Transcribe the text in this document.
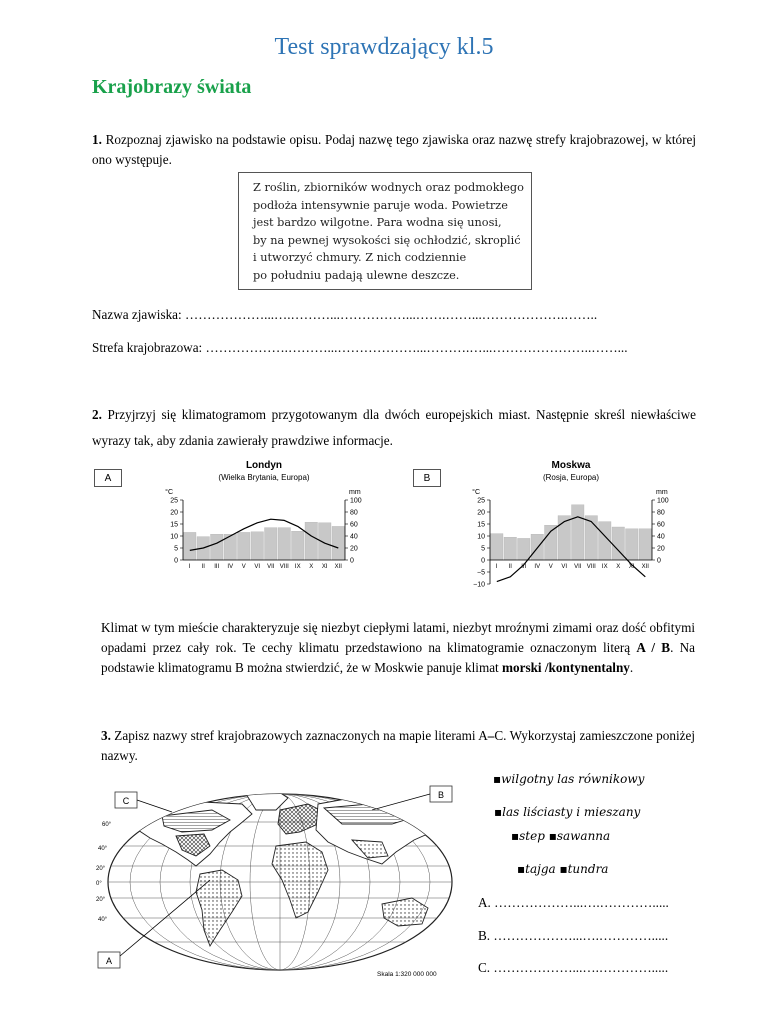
Test sprawdzający kl.5
Krajobrazy świata
1. Rozpoznaj zjawisko na podstawie opisu. Podaj nazwę tego zjawiska oraz nazwę strefy krajobrazowej, w której ono występuje.
Z roślin, zbiorników wodnych oraz podmokłego
podłoża intensywnie paruje woda. Powietrze
jest bardzo wilgotne. Para wodna się unosi,
by na pewnej wysokości się ochłodzić, skroplić
i utworzyć chmury. Z nich codziennie
po południu padają ulewne deszcze.
Nazwa zjawiska: ………………...….………...……………...…….……...……………….……..
Strefa krajobrazowa: ……………….………...………………...……….…...…………………..……...
2. Przyjrzyj się klimatogramom przygotowanym dla dwóch europejskich miast. Następnie skreśl niewłaściwe wyrazy tak, aby zdania zawierały prawdziwe informacje.
A	B
Londyn
(Wielka Brytania, Europa)
°C	mm
0
5
10
15
20
25
0
20
40
60
80
100
I II III IV V VI VII VIII IX X XI XII
Moskwa
(Rosja, Europa)
°C	mm
−10
−5
0
5
10
15
20
25
0
20
40
60
80
100
I II III IV V VI VII VIII IX X XI XII
Klimat w tym mieście charakteryzuje się niezbyt ciepłymi latami, niezbyt mroźnymi zimami oraz dość obfitymi opadami przez cały rok. Te cechy klimatu przedstawiono na klimatogramie oznaczonym literą A / B. Na podstawie klimatogramu B można stwierdzić, że w Moskwie panuje klimat morski /kontynentalny.
3. Zapisz nazwy stref krajobrazowych zaznaczonych na mapie literami A–C. Wykorzystaj zamieszczone poniżej nazwy.
▪wilgotny las równikowy
▪las liściasty i mieszany
▪step ▪sawanna
▪tajga ▪tundra
A. ………………...….………….....
B. ………………...….………….....
C. ………………...….………….....
C
B
A
60°
40°
20°
0°
20°
40°
Skala 1:320 000 000
